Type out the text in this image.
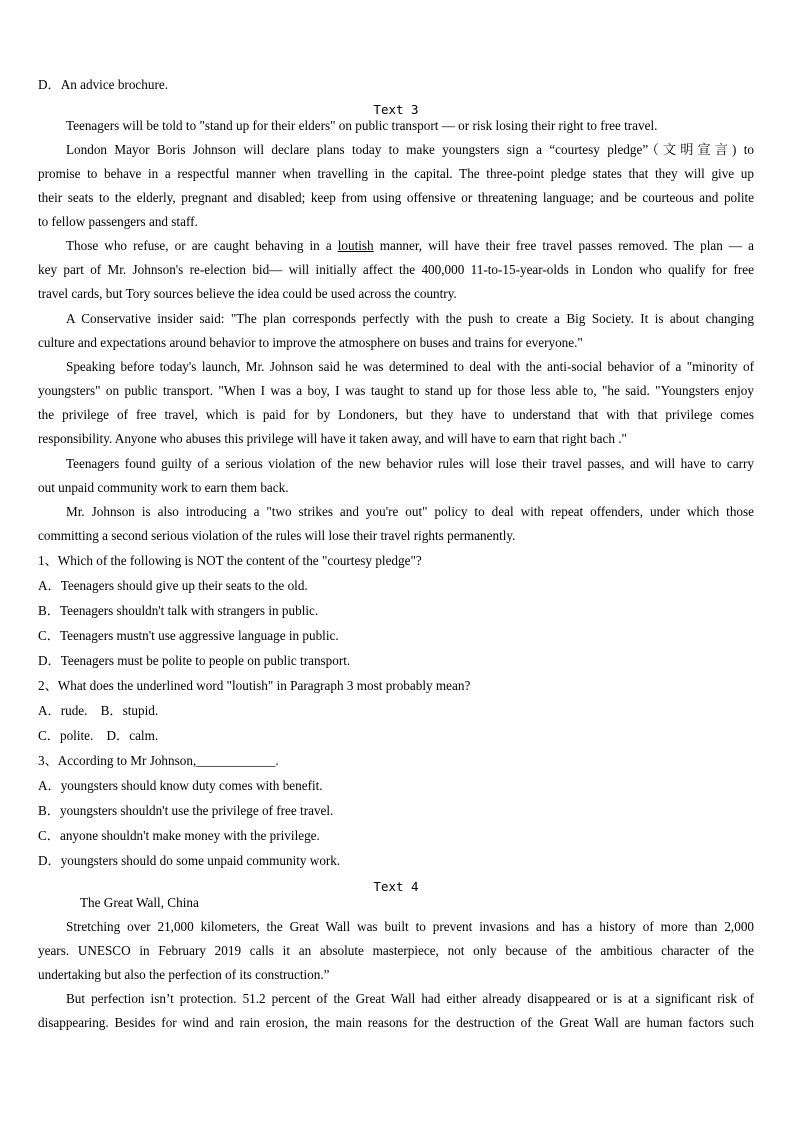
D．An advice brochure.
Text 3
Teenagers will be told to "stand up for their elders" on public transport — or risk losing their right to free travel.
London Mayor Boris Johnson will declare plans today to make youngsters sign a “courtesy pledge”（文明宣言) to
promise to behave in a respectful manner when travelling in the capital. The three-point pledge states that they will give up
their seats to the elderly, pregnant and disabled; keep from using offensive or threatening language; and be courteous and polite
to fellow passengers and staff.
Those who refuse, or are caught behaving in a loutish manner, will have their free travel passes removed. The plan — a
key part of Mr. Johnson's re-election bid— will initially affect the 400,000 11-to-15-year-olds in London who qualify for free
travel cards, but Tory sources believe the idea could be used across the country.
A Conservative insider said: "The plan corresponds perfectly with the push to create a Big Society. It is about changing
culture and expectations around behavior to improve the atmosphere on buses and trains for everyone."
Speaking before today's launch, Mr. Johnson said he was determined to deal with the anti-social behavior of a "minority of
youngsters" on public transport. "When I was a boy, I was taught to stand up for those less able to, "he said. "Youngsters enjoy
the privilege of free travel, which is paid for by Londoners, but they have to understand that with that privilege comes
responsibility. Anyone who abuses this privilege will have it taken away, and will have to earn that right bach ."
Teenagers found guilty of a serious violation of the new behavior rules will lose their travel passes, and will have to carry
out unpaid community work to earn them back.
Mr. Johnson is also introducing a "two strikes and you're out" policy to deal with repeat offenders, under which those
committing a second serious violation of the rules will lose their travel rights permanently.
1、Which of the following is NOT the content of the "courtesy pledge"?
A．Teenagers should give up their seats to the old.
B．Teenagers shouldn't talk with strangers in public.
C．Teenagers mustn't use aggressive language in public.
D．Teenagers must be polite to people on public transport.
2、What does the underlined word "loutish" in Paragraph 3 most probably mean?
A．rude.    B．stupid.
C．polite.    D．calm.
3、According to Mr Johnson,____________.
A．youngsters should know duty comes with benefit.
B．youngsters shouldn't use the privilege of free travel.
C．anyone shouldn't make money with the privilege.
D．youngsters should do some unpaid community work.
Text 4
The Great Wall, China
Stretching over 21,000 kilometers, the Great Wall was built to prevent invasions and has a history of more than 2,000
years. UNESCO in February 2019 calls it an absolute masterpiece, not only because of the ambitious character of the
undertaking but also the perfection of its construction.”
But perfection isn’t protection. 51.2 percent of the Great Wall had either already disappeared or is at a significant risk of
disappearing. Besides for wind and rain erosion, the main reasons for the destruction of the Great Wall are human factors such
